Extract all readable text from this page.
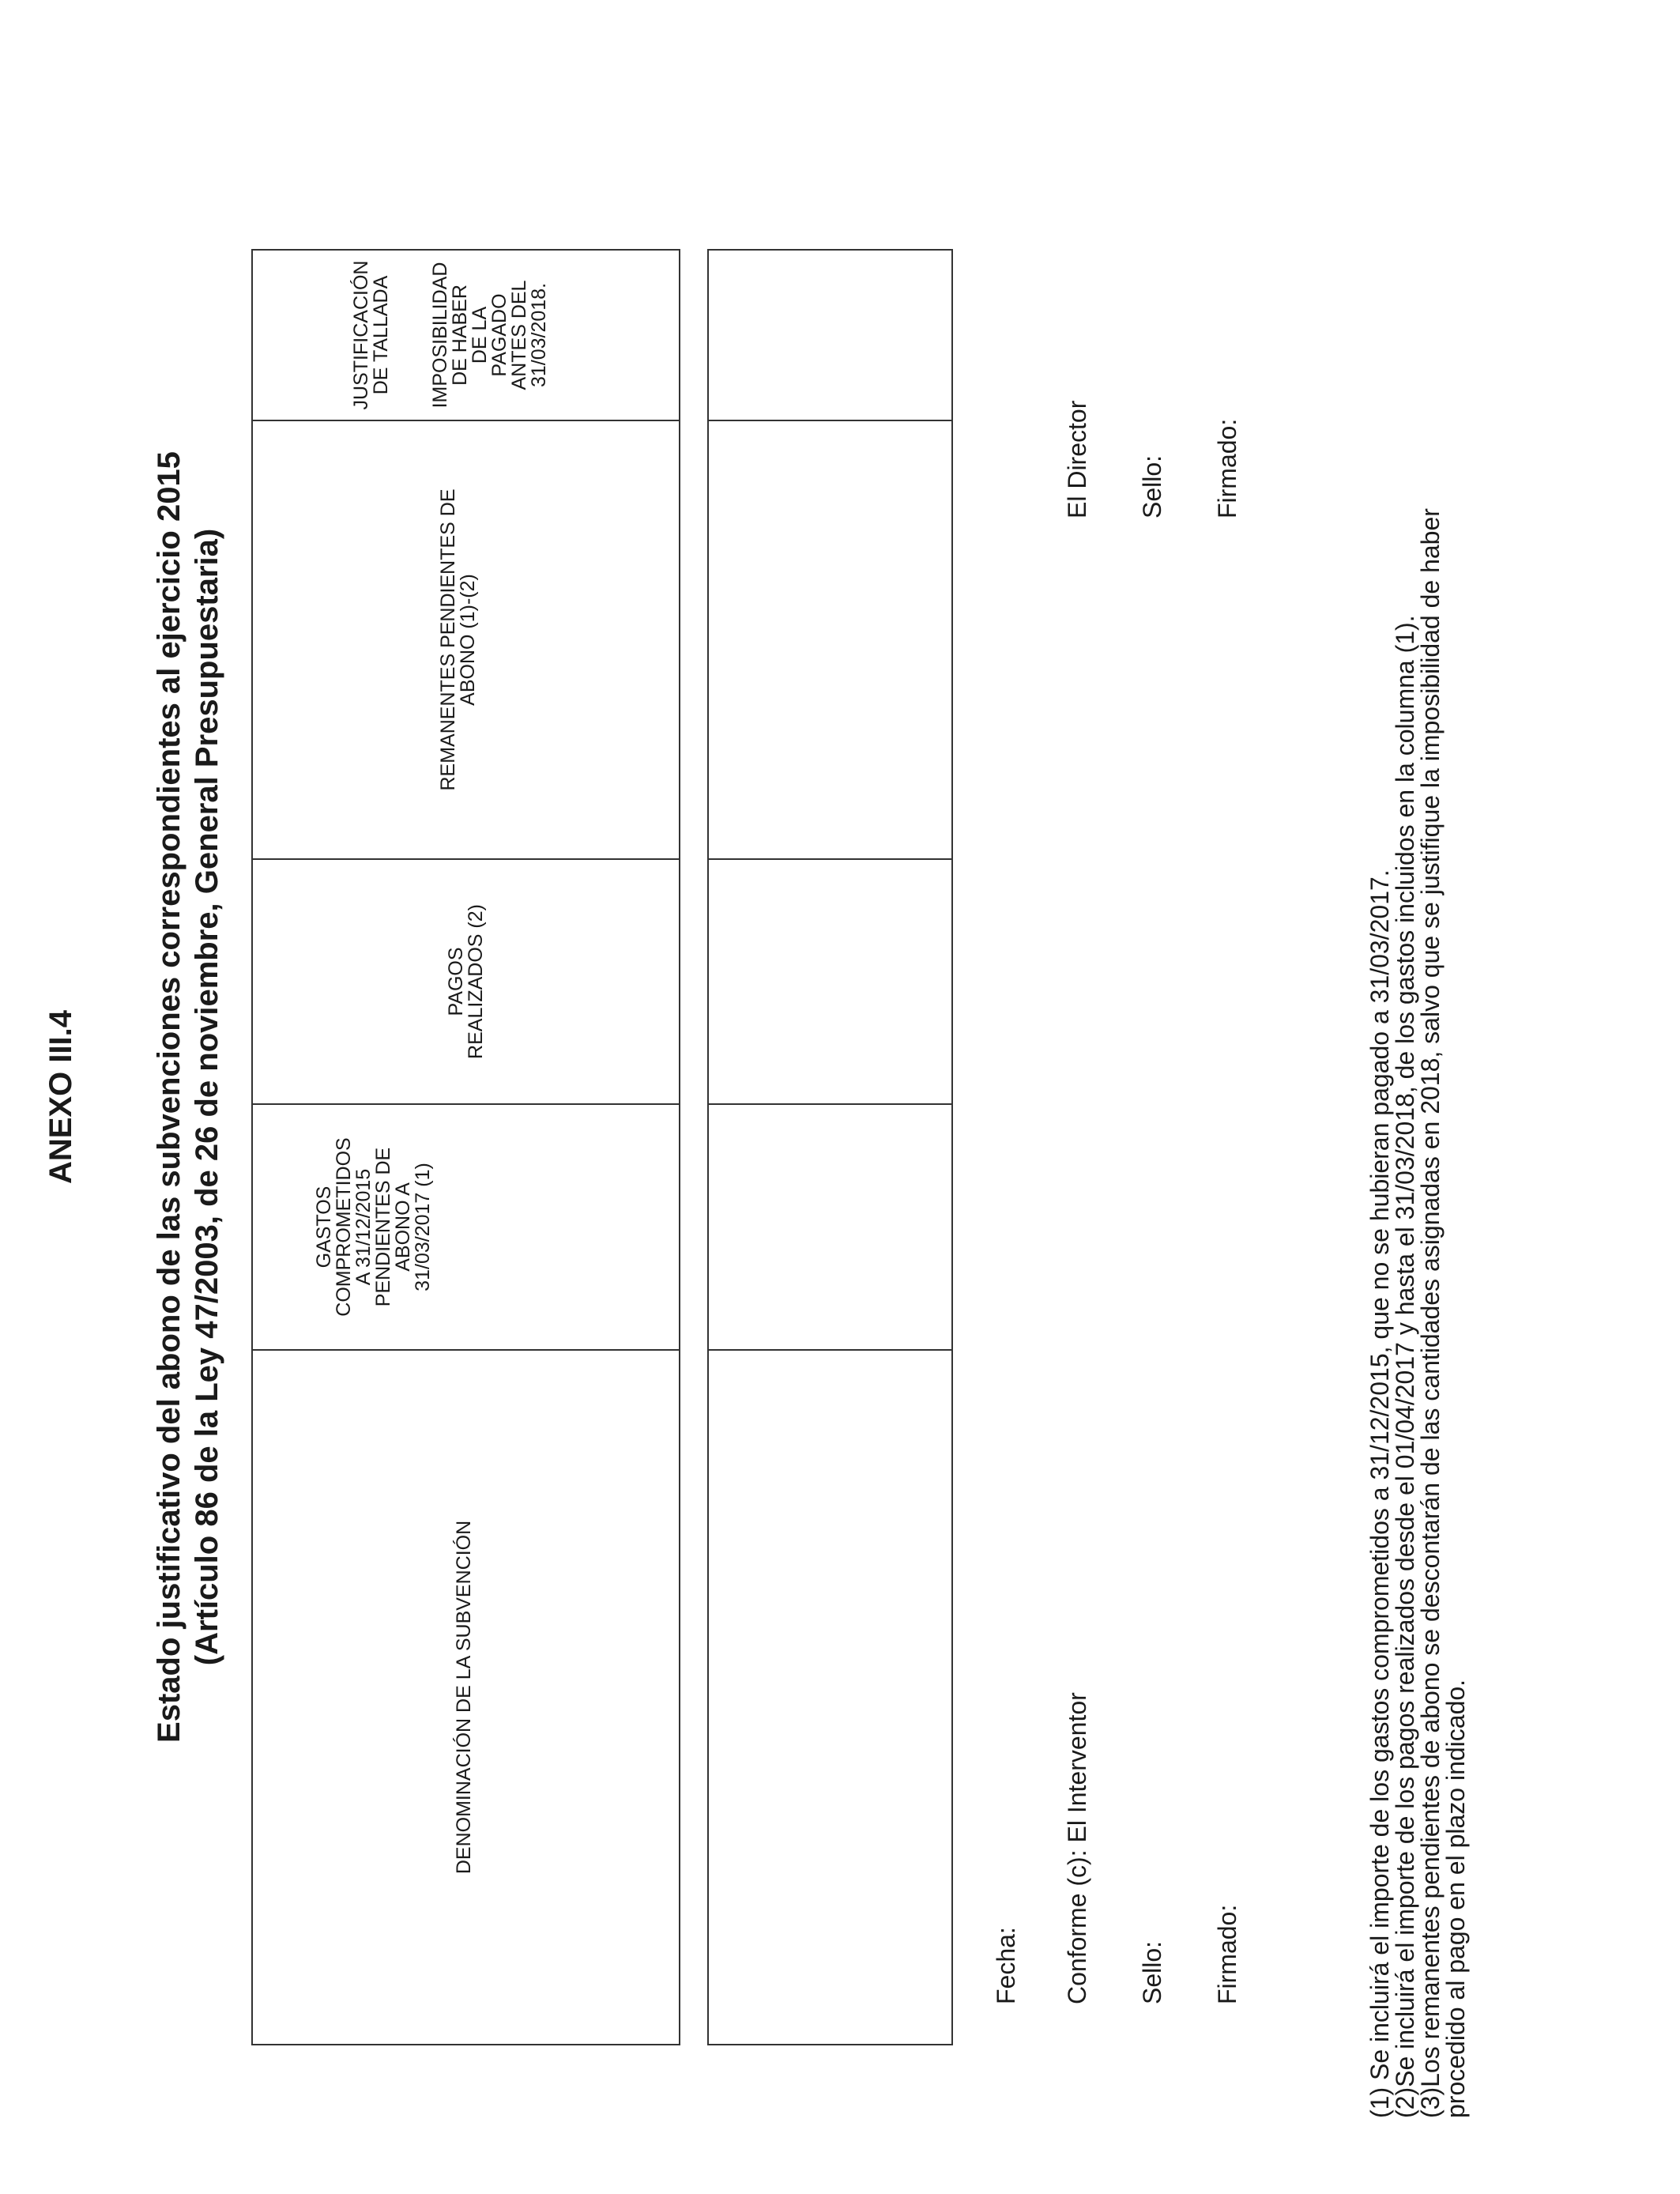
ANEXO III.4 Estado justificativo del abono de las subvenciones correspondientes al ejercicio 2015 (Artículo 86 de la Ley 47/2003, de 26 de noviembre, General Presupuestaria)
DENOMINACIÓN DE LA SUBVENCIÓN
GASTOS
COMPROMETIDOS
A 31/12/2015
PENDIENTES DE
ABONO A
31/03/2017 (1)
PAGOS
REALIZADOS (2)
REMANENTES PENDIENTES DE
ABONO (1)-(2)
JUSTIFICACIÓN
DE TALLADA IMPOSIBILIDAD
DE HABER
DE LA
PAGADO
ANTES DEL
31/03/2018.
Fecha: Conforme (c): El Interventor Sello: Firmado:
El Director Sello: Firmado:
(1) Se incluirá el importe de los gastos comprometidos a 31/12/2015, que no se hubieran pagado a 31/03/2017.
(2)Se incluirá el importe de los pagos realizados desde el 01/04/2017 y hasta el 31/03/2018, de los gastos incluidos en la columna (1).
(3)Los remanentes pendientes de abono se descontarán de las cantidades asignadas en 2018, salvo que se justifique la imposibilidad de haber
procedido al pago en el plazo indicado.
